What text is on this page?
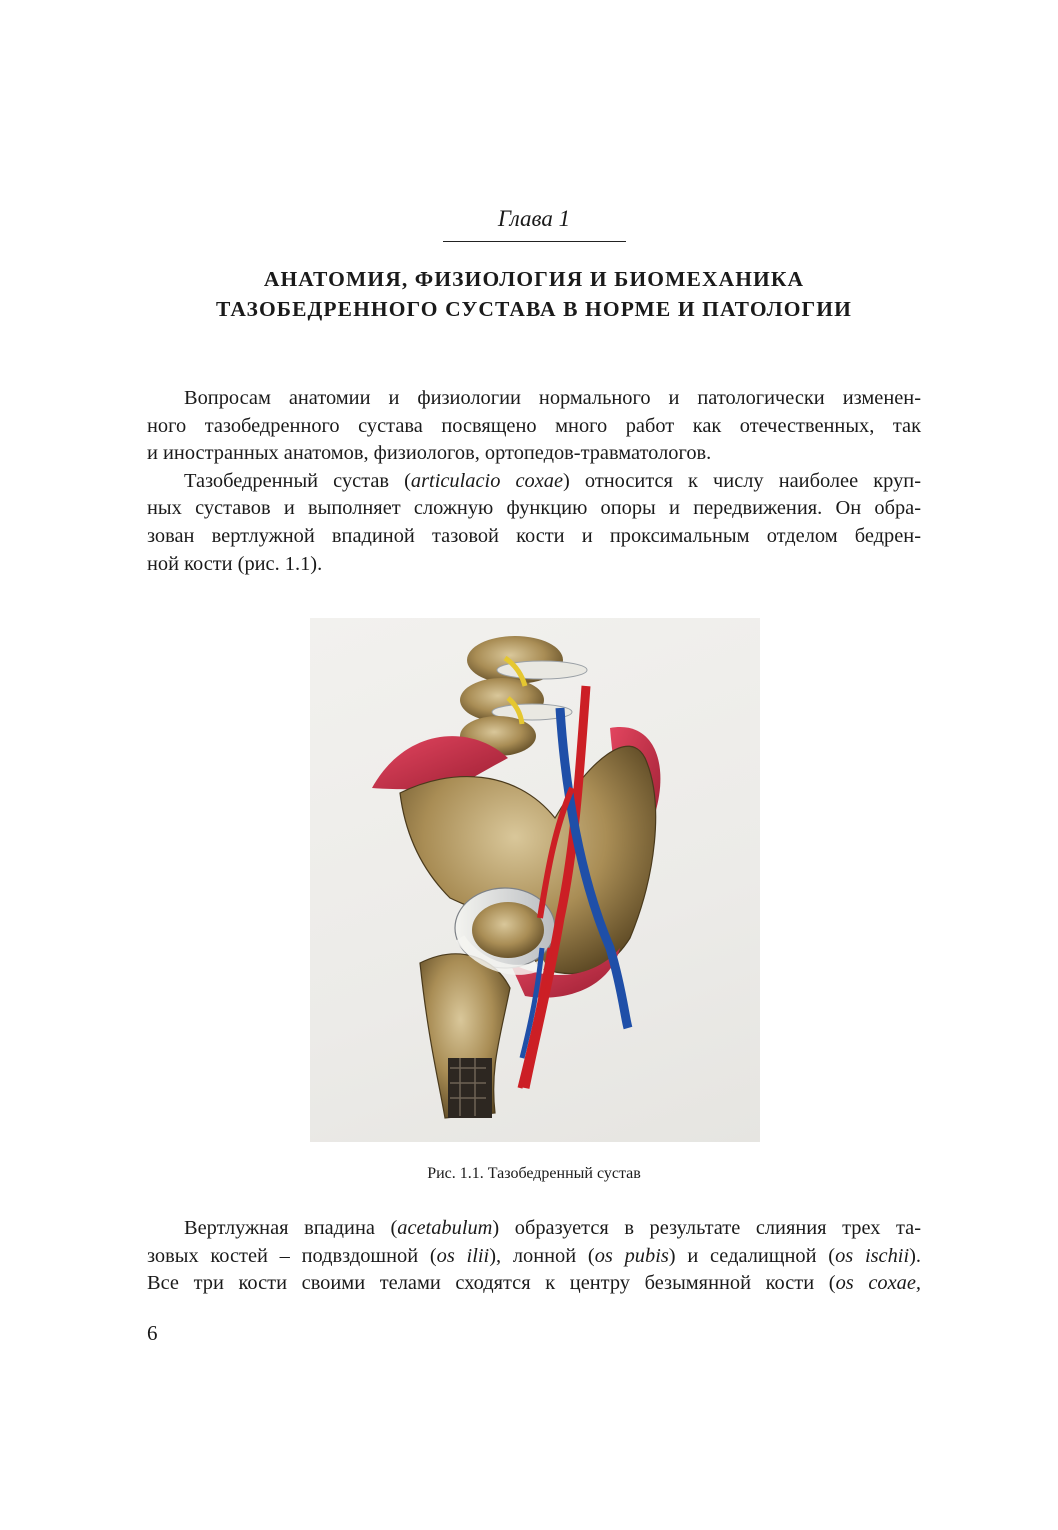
Глава 1
АНАТОМИЯ, ФИЗИОЛОГИЯ И БИОМЕХАНИКА
ТАЗОБЕДРЕННОГО СУСТАВА В НОРМЕ И ПАТОЛОГИИ

Вопросам анатомии и физиологии нормального и патологически изменен-
ного тазобедренного сустава посвящено много работ как отечественных, так
и иностранных анатомов, физиологов, ортопедов-травматологов.

Тазобедренный сустав (articulacio coxae) относится к числу наиболее круп-
ных суставов и выполняет сложную функцию опоры и передвижения. Он обра-
зован вертлужной впадиной тазовой кости и проксимальным отделом бедрен-
ной кости (рис. 1.1).

Рис. 1.1. Тазобедренный сустав

Вертлужная впадина (acetabulum) образуется в результате слияния трех та-
зовых костей – подвздошной (os ilii), лонной (os pubis) и седалищной (os ischii).
Все три кости своими телами сходятся к центру безымянной кости (os coxae,

6
